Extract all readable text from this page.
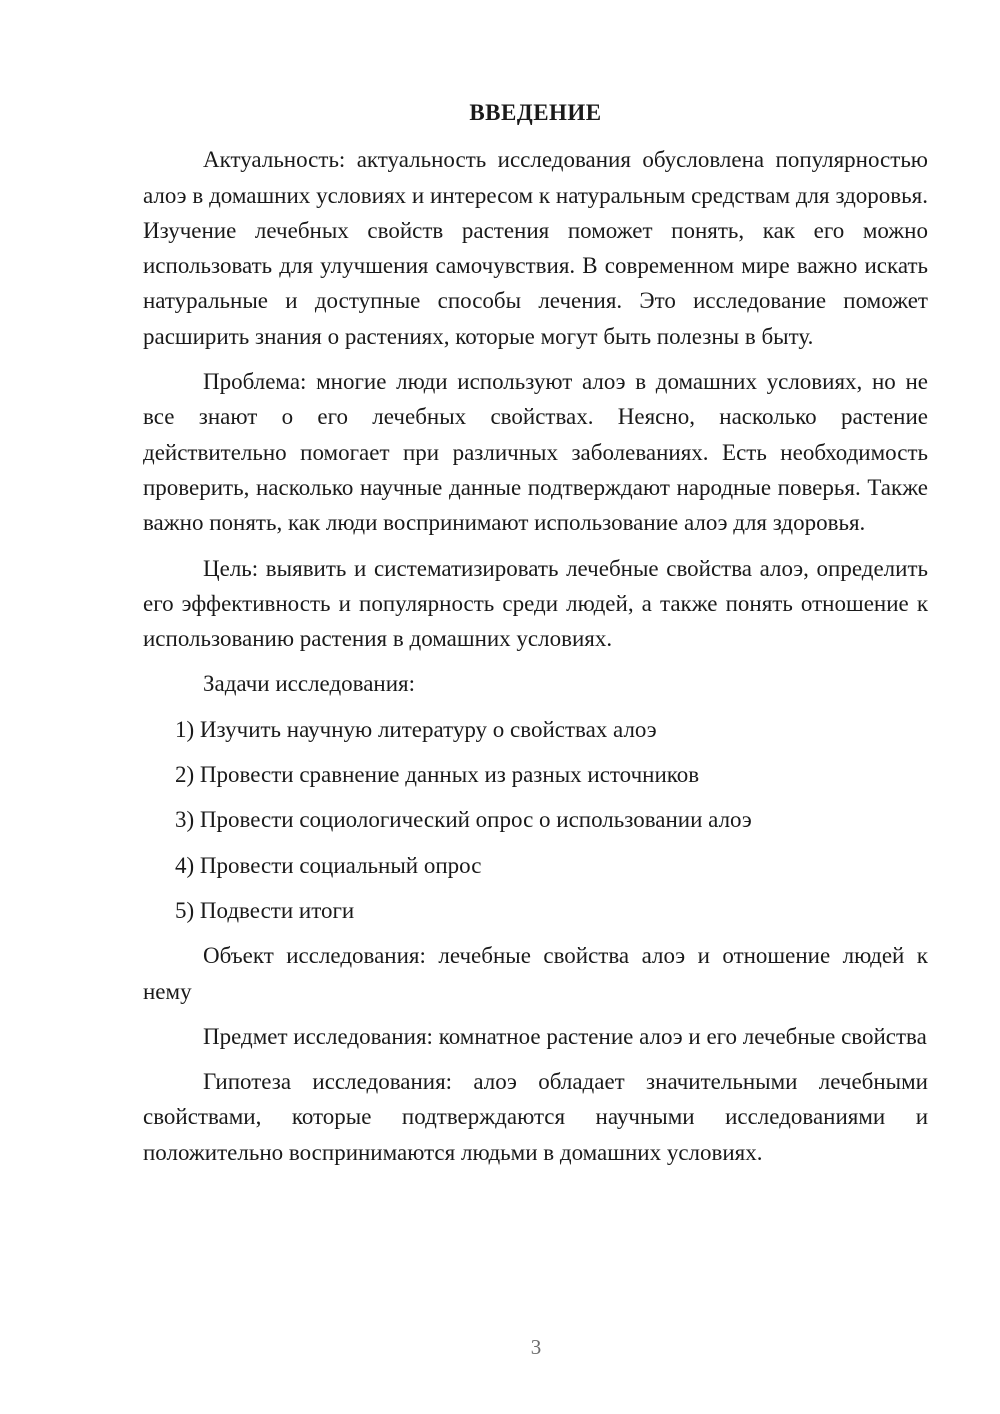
ВВЕДЕНИЕ

Актуальность: актуальность исследования обусловлена популярностью алоэ в домашних условиях и интересом к натуральным средствам для здоровья. Изучение лечебных свойств растения поможет понять, как его можно использовать для улучшения самочувствия. В современном мире важно искать натуральные и доступные способы лечения. Это исследование поможет расширить знания о растениях, которые могут быть полезны в быту.

Проблема: многие люди используют алоэ в домашних условиях, но не все знают о его лечебных свойствах. Неясно, насколько растение действительно помогает при различных заболеваниях. Есть необходимость проверить, насколько научные данные подтверждают народные поверья. Также важно понять, как люди воспринимают использование алоэ для здоровья.

Цель: выявить и систематизировать лечебные свойства алоэ, определить его эффективность и популярность среди людей, а также понять отношение к использованию растения в домашних условиях.

Задачи исследования:

1) Изучить научную литературу о свойствах алоэ

2) Провести сравнение данных из разных источников

3) Провести социологический опрос о использовании алоэ

4) Провести социальный опрос

5) Подвести итоги

Объект исследования: лечебные свойства алоэ и отношение людей к нему

Предмет исследования: комнатное растение алоэ и его лечебные свойства

Гипотеза исследования: алоэ обладает значительными лечебными свойствами, которые подтверждаются научными исследованиями и положительно воспринимаются людьми в домашних условиях.

3
